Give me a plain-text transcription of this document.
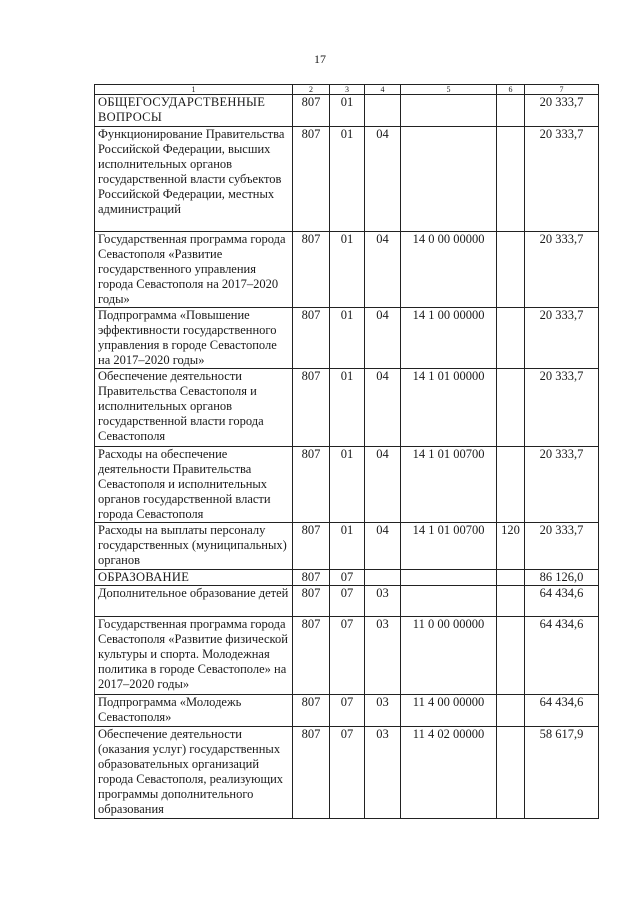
17
1	2	3	4	5	6	7
ОБЩЕГОСУДАРСТВЕННЫЕ ВОПРОСЫ	807	01				20 333,7
Функционирование Правительства Российской Федерации, высших исполнительных органов государственной власти субъектов Российской Федерации, местных администраций	807	01	04			20 333,7
Государственная программа города Севастополя «Развитие государственного управления города Севастополя на 2017–2020 годы»	807	01	04	14 0 00 00000		20 333,7
Подпрограмма «Повышение эффективности государственного управления в городе Севастополе на 2017–2020 годы»	807	01	04	14 1 00 00000		20 333,7
Обеспечение деятельности Правительства Севастополя и исполнительных органов государственной власти города Севастополя	807	01	04	14 1 01 00000		20 333,7
Расходы на обеспечение деятельности Правительства Севастополя и исполнительных органов государственной власти города Севастополя	807	01	04	14 1 01 00700		20 333,7
Расходы на выплаты персоналу государственных (муниципальных) органов	807	01	04	14 1 01 00700	120	20 333,7
ОБРАЗОВАНИЕ	807	07				86 126,0
Дополнительное образование детей	807	07	03			64 434,6
Государственная программа города Севастополя «Развитие физической культуры и спорта. Молодежная политика в городе Севастополе» на 2017–2020 годы»	807	07	03	11 0 00 00000		64 434,6
Подпрограмма «Молодежь Севастополя»	807	07	03	11 4 00 00000		64 434,6
Обеспечение деятельности (оказания услуг) государственных образовательных организаций города Севастополя, реализующих программы дополнительного образования	807	07	03	11 4 02 00000		58 617,9
